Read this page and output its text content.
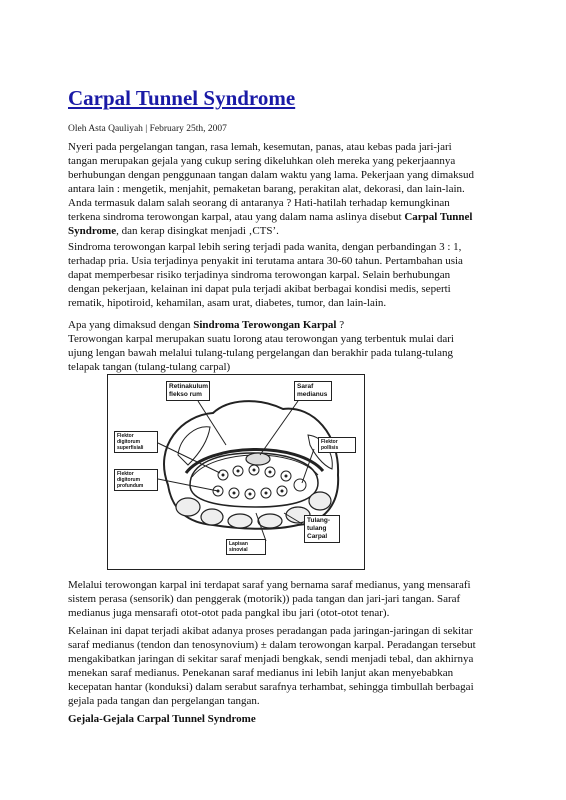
Carpal Tunnel Syndrome
Oleh Asta Qauliyah | February 25th, 2007
Nyeri pada pergelangan tangan, rasa lemah, kesemutan, panas, atau kebas pada jari-jari
tangan merupakan gejala yang cukup sering dikeluhkan oleh mereka yang pekerjaannya
berhubungan dengan penggunaan tangan dalam waktu yang lama. Pekerjaan yang dimaksud
antara lain : mengetik, menjahit, pemaketan barang, perakitan alat, dekorasi, dan lain-lain.
Anda termasuk dalam salah seorang di antaranya ? Hati-hatilah terhadap kemungkinan
terkena sindroma terowongan karpal, atau yang dalam nama aslinya disebut Carpal Tunnel
Syndrome, dan kerap disingkat menjadi ‚CTS’.
Sindroma terowongan karpal lebih sering terjadi pada wanita, dengan perbandingan 3 : 1,
terhadap pria. Usia terjadinya penyakit ini terutama antara 30-60 tahun. Pertambahan usia
dapat memperbesar risiko terjadinya sindroma terowongan karpal. Selain berhubungan
dengan pekerjaan, kelainan ini dapat pula terjadi akibat berbagai kondisi medis, seperti
rematik, hipotiroid, kehamilan, asam urat, diabetes, tumor, dan lain-lain.
Apa yang dimaksud dengan Sindroma Terowongan Karpal ?
Terowongan karpal merupakan suatu lorong atau terowongan yang terbentuk mulai dari
ujung lengan bawah melalui tulang-tulang pergelangan dan berakhir pada tulang-tulang
telapak tangan (tulang-tulang carpal)
Melalui terowongan karpal ini terdapat saraf yang bernama saraf medianus, yang mensarafi
sistem perasa (sensorik) dan penggerak (motorik)) pada tangan dan jari-jari tangan. Saraf
medianus juga mensarafi otot-otot pada pangkal ibu jari (otot-otot tenar).
Kelainan ini dapat terjadi akibat adanya proses peradangan pada jaringan-jaringan di sekitar
saraf medianus (tendon dan tenosynovium) ± dalam terowongan karpal. Peradangan tersebut
mengakibatkan jaringan di sekitar saraf menjadi bengkak, sendi menjadi tebal, dan akhirnya
menekan saraf medianus. Penekanan saraf medianus ini lebih lanjut akan menyebabkan
kecepatan hantar (konduksi) dalam serabut sarafnya terhambat, sehingga timbullah berbagai
gejala pada tangan dan pergelangan tangan.
Gejala-Gejala Carpal Tunnel Syndrome
Retinakulum
flekso rum
Saraf
medianus
Flektor
digitorum
superfisiali
Flektor
digitorum
profundum
Flektor
pollisis
Tulang-
tulang
Carpal
Lapisan
sinovial
